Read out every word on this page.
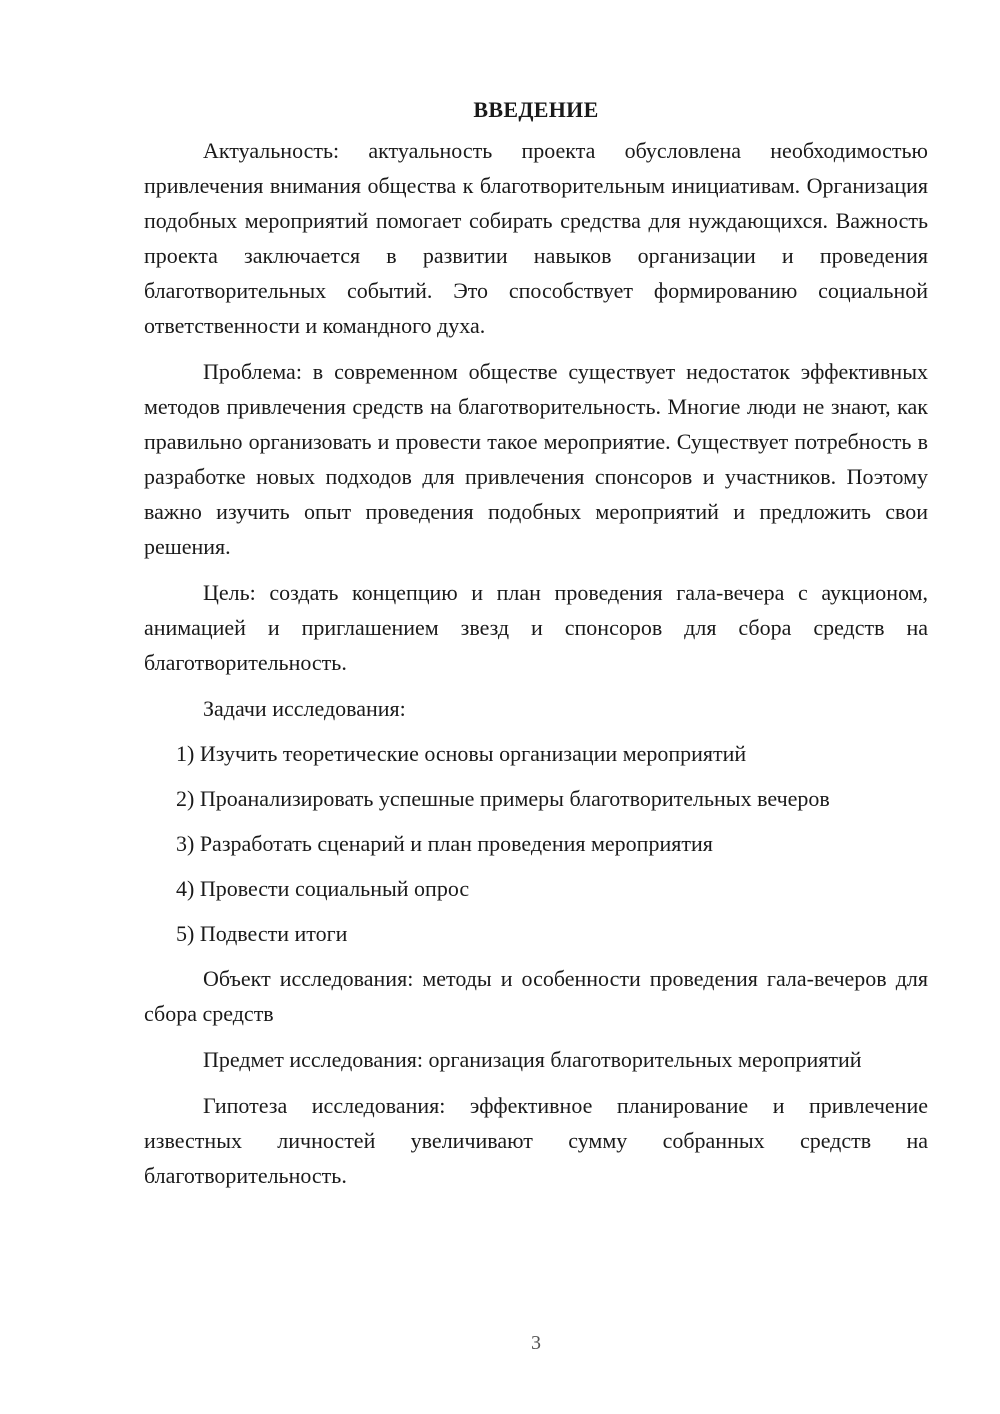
ВВЕДЕНИЕ

Актуальность: актуальность проекта обусловлена необходимостью привлечения внимания общества к благотворительным инициативам. Организация подобных мероприятий помогает собирать средства для нуждающихся. Важность проекта заключается в развитии навыков организации и проведения благотворительных событий. Это способствует формированию социальной ответственности и командного духа.

Проблема: в современном обществе существует недостаток эффективных методов привлечения средств на благотворительность. Многие люди не знают, как правильно организовать и провести такое мероприятие. Существует потребность в разработке новых подходов для привлечения спонсоров и участников. Поэтому важно изучить опыт проведения подобных мероприятий и предложить свои решения.

Цель: создать концепцию и план проведения гала-вечера с аукционом, анимацией и приглашением звезд и спонсоров для сбора средств на благотворительность.

Задачи исследования:

1) Изучить теоретические основы организации мероприятий

2) Проанализировать успешные примеры благотворительных вечеров

3) Разработать сценарий и план проведения мероприятия

4) Провести социальный опрос

5) Подвести итоги

Объект исследования: методы и особенности проведения гала-вечеров для сбора средств

Предмет исследования: организация благотворительных мероприятий

Гипотеза исследования: эффективное планирование и привлечение известных личностей увеличивают сумму собранных средств на благотворительность.

3
